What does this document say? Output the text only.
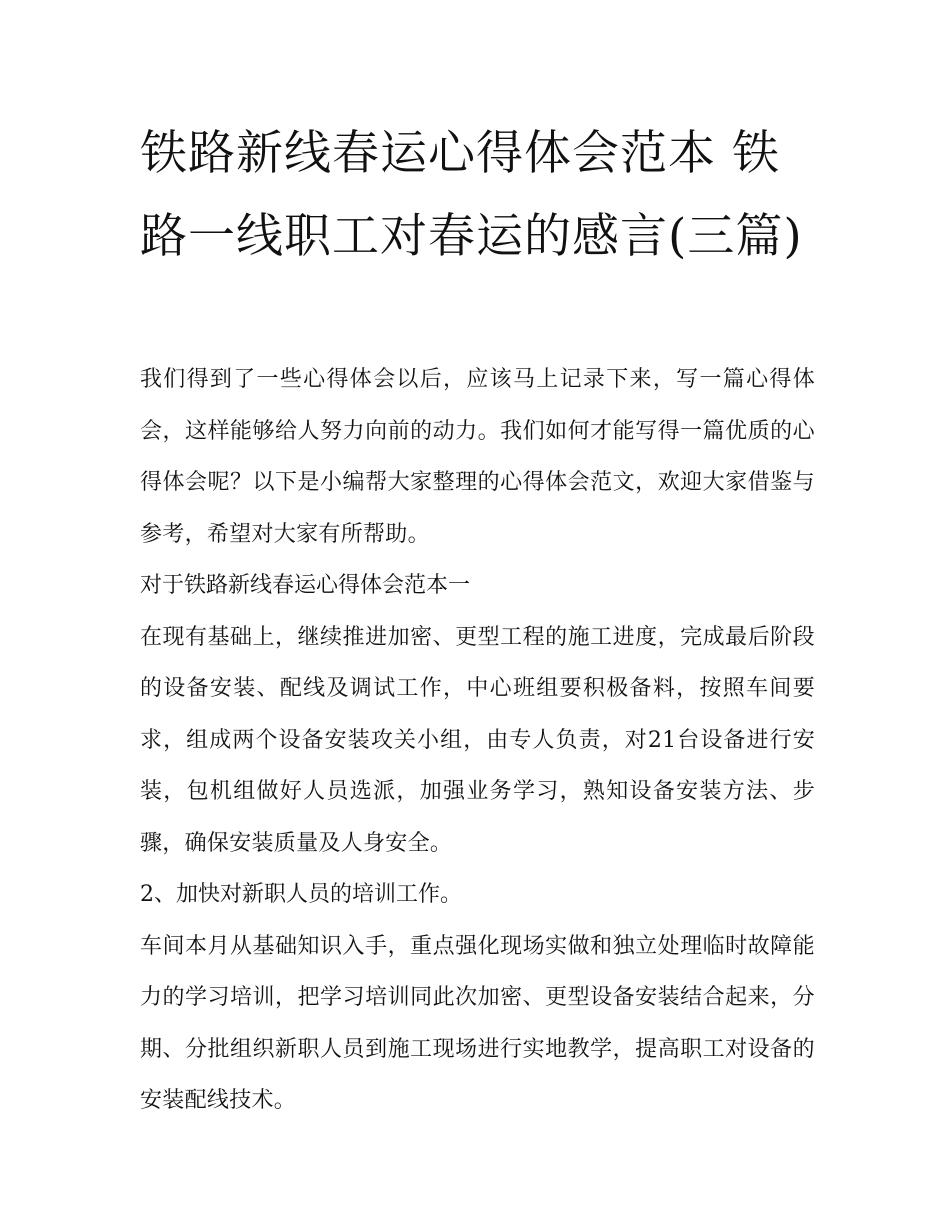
铁路新线春运心得体会范本 铁路一线职工对春运的感言(三篇)

我们得到了一些心得体会以后，应该马上记录下来，写一篇心得体会，这样能够给人努力向前的动力。我们如何才能写得一篇优质的心得体会呢？以下是小编帮大家整理的心得体会范文，欢迎大家借鉴与参考，希望对大家有所帮助。

对于铁路新线春运心得体会范本一

在现有基础上，继续推进加密、更型工程的施工进度，完成最后阶段的设备安装、配线及调试工作，中心班组要积极备料，按照车间要求，组成两个设备安装攻关小组，由专人负责，对21台设备进行安装，包机组做好人员选派，加强业务学习，熟知设备安装方法、步骤，确保安装质量及人身安全。

2、加快对新职人员的培训工作。

车间本月从基础知识入手，重点强化现场实做和独立处理临时故障能力的学习培训，把学习培训同此次加密、更型设备安装结合起来，分期、分批组织新职人员到施工现场进行实地教学，提高职工对设备的安装配线技术。
